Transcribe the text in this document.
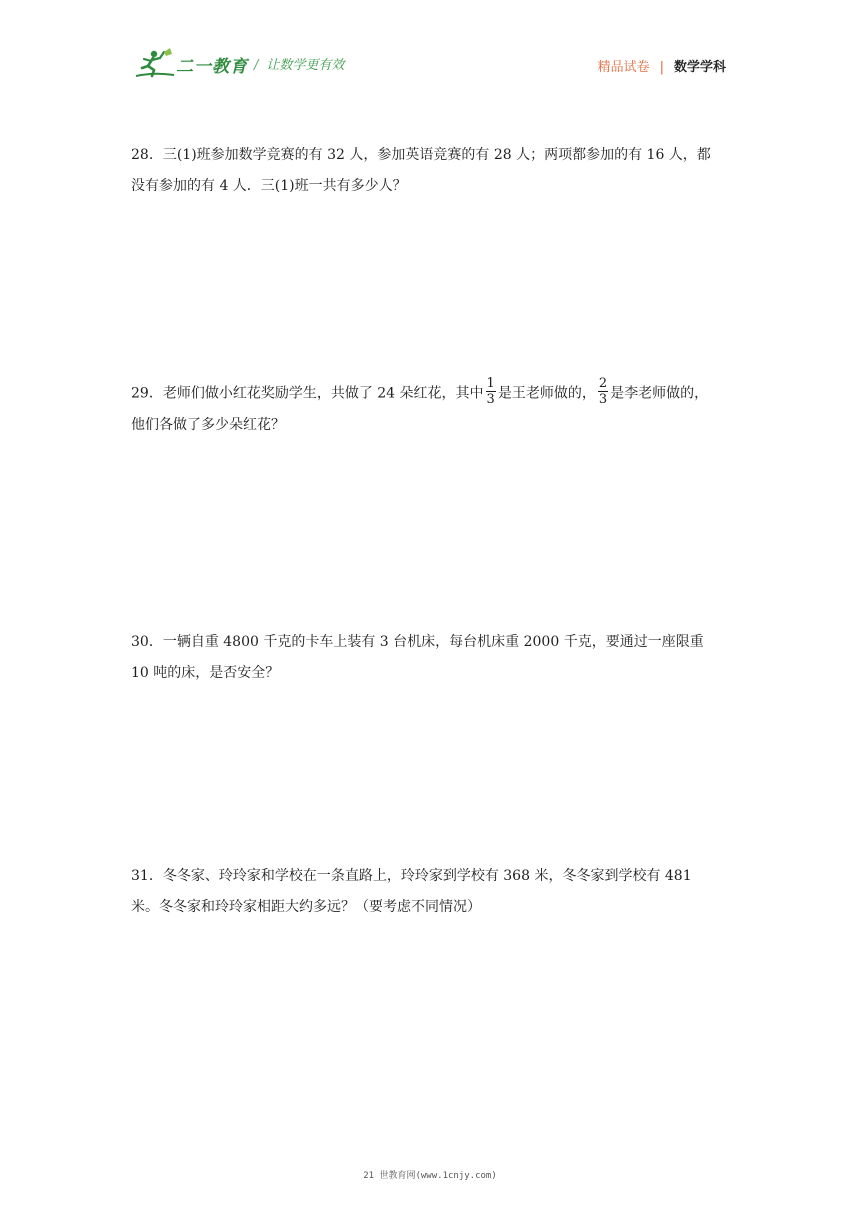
二一教育 / 让数学更有效	精品试卷 | 数学学科
28．三(1)班参加数学竞赛的有 32 人，参加英语竞赛的有 28 人；两项都参加的有 16 人，都
没有参加的有 4 人．三(1)班一共有多少人？
29．老师们做小红花奖励学生，共做了 24 朵红花，其中 $\frac{1}{3}$ 是王老师做的， $\frac{2}{3}$ 是李老师做的，
他们各做了多少朵红花？
30．一辆自重 4800 千克的卡车上装有 3 台机床，每台机床重 2000 千克，要通过一座限重
10 吨的床，是否安全？
31．冬冬家、玲玲家和学校在一条直路上，玲玲家到学校有 368 米，冬冬家到学校有 481
米。冬冬家和玲玲家相距大约多远？（要考虑不同情况）
21 世教育网(www.1cnjy.com)
